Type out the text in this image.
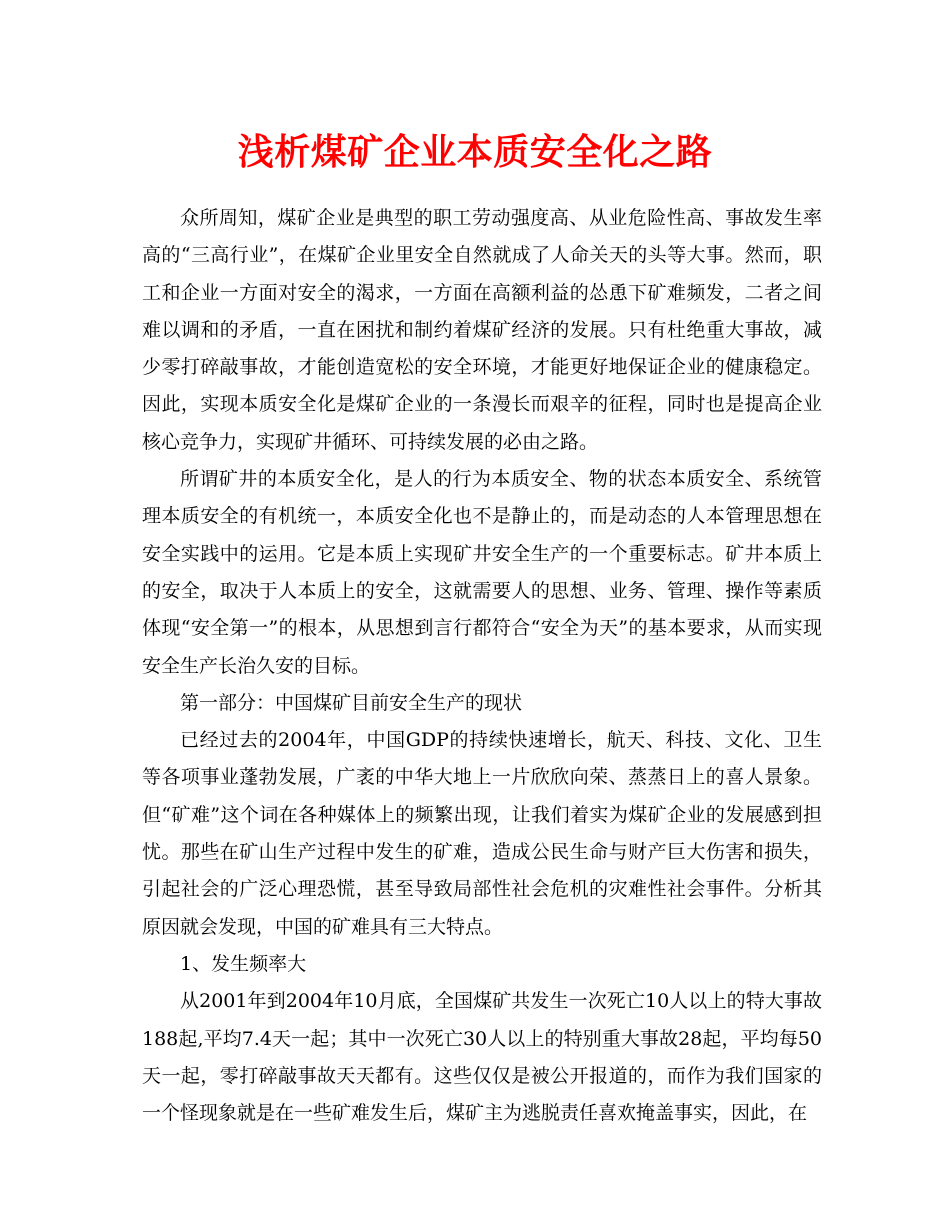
浅析煤矿企业本质安全化之路

众所周知，煤矿企业是典型的职工劳动强度高、从业危险性高、事故发生率高的“三高行业”，在煤矿企业里安全自然就成了人命关天的头等大事。然而，职工和企业一方面对安全的渴求，一方面在高额利益的怂恿下矿难频发，二者之间难以调和的矛盾，一直在困扰和制约着煤矿经济的发展。只有杜绝重大事故，减少零打碎敲事故，才能创造宽松的安全环境，才能更好地保证企业的健康稳定。因此，实现本质安全化是煤矿企业的一条漫长而艰辛的征程，同时也是提高企业核心竞争力，实现矿井循环、可持续发展的必由之路。

所谓矿井的本质安全化，是人的行为本质安全、物的状态本质安全、系统管理本质安全的有机统一，本质安全化也不是静止的，而是动态的人本管理思想在安全实践中的运用。它是本质上实现矿井安全生产的一个重要标志。矿井本质上的安全，取决于人本质上的安全，这就需要人的思想、业务、管理、操作等素质体现“安全第一”的根本，从思想到言行都符合“安全为天”的基本要求，从而实现安全生产长治久安的目标。

第一部分：中国煤矿目前安全生产的现状

已经过去的2004年，中国GDP的持续快速增长，航天、科技、文化、卫生等各项事业蓬勃发展，广袤的中华大地上一片欣欣向荣、蒸蒸日上的喜人景象。但“矿难”这个词在各种媒体上的频繁出现，让我们着实为煤矿企业的发展感到担忧。那些在矿山生产过程中发生的矿难，造成公民生命与财产巨大伤害和损失，引起社会的广泛心理恐慌，甚至导致局部性社会危机的灾难性社会事件。分析其原因就会发现，中国的矿难具有三大特点。

1、发生频率大

从2001年到2004年10月底，全国煤矿共发生一次死亡10人以上的特大事故188起,平均7.4天一起；其中一次死亡30人以上的特别重大事故28起，平均每50天一起，零打碎敲事故天天都有。这些仅仅是被公开报道的，而作为我们国家的一个怪现象就是在一些矿难发生后，煤矿主为逃脱责任喜欢掩盖事实，因此，在
